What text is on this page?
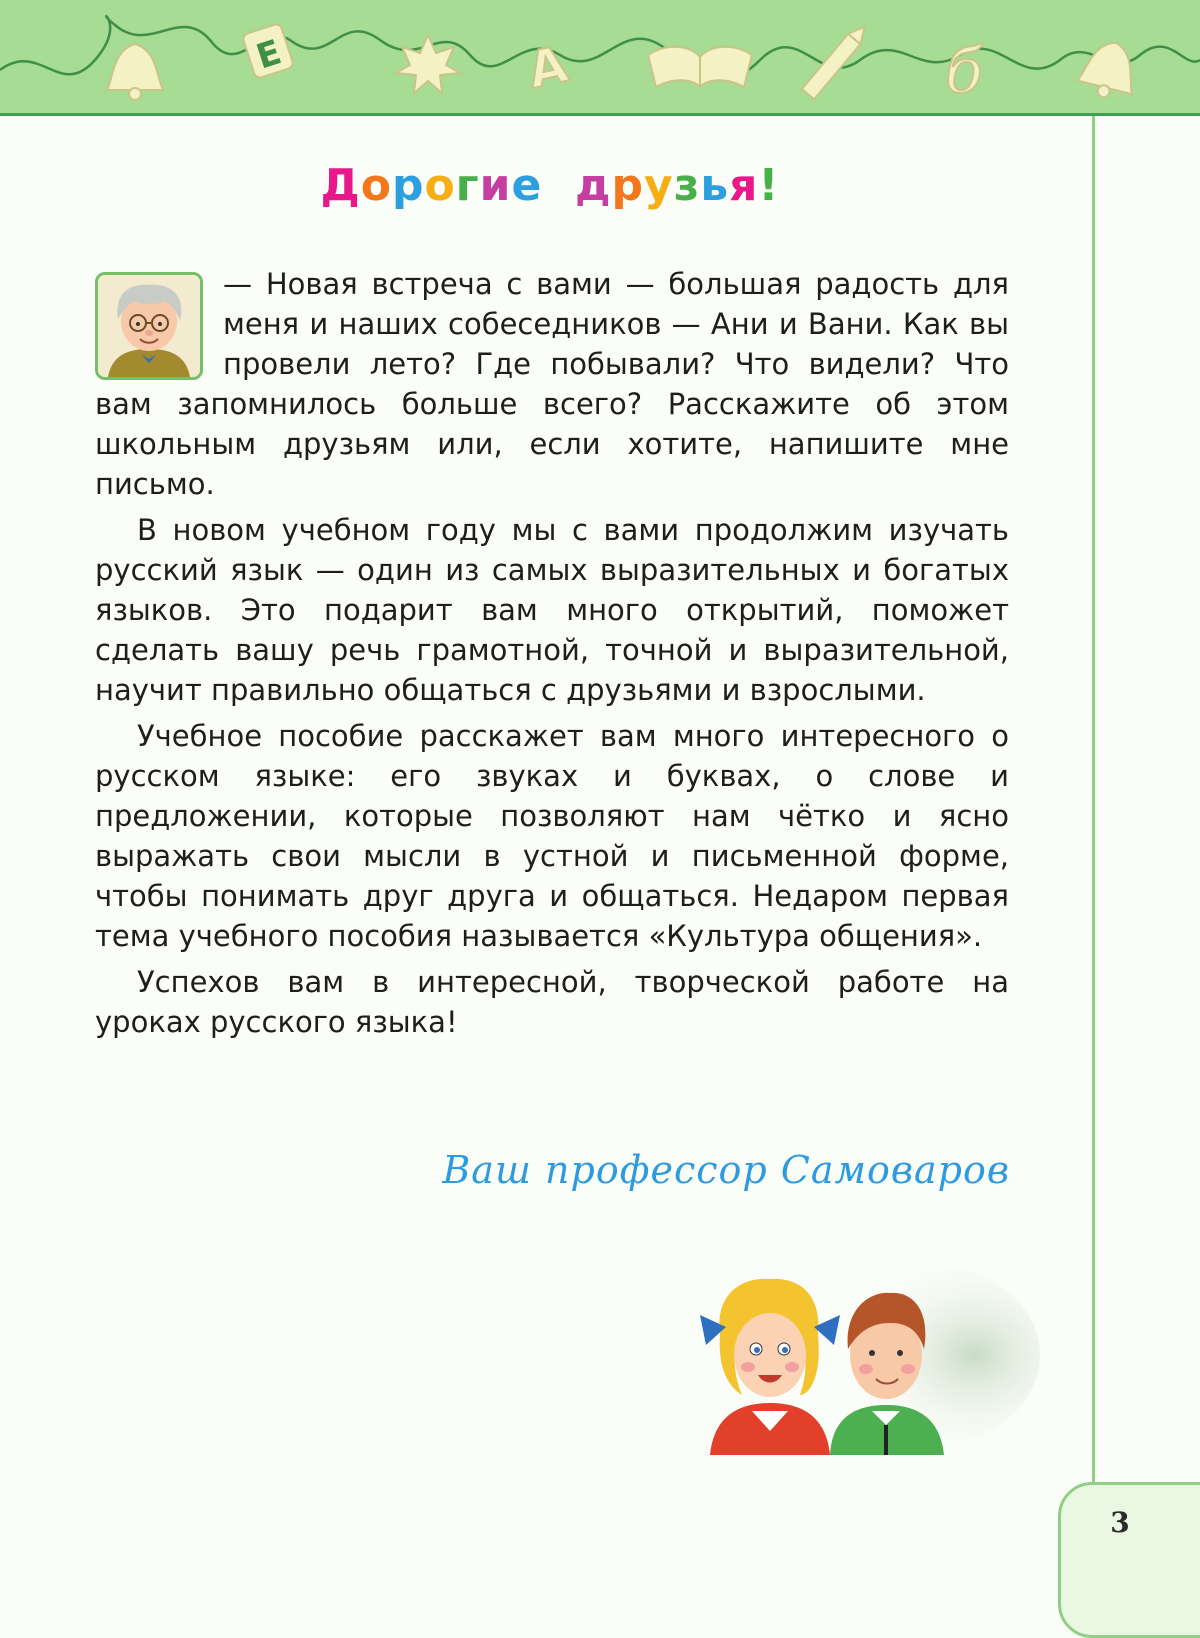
Е	A	б
Дорогие друзья!

— Новая встреча с вами — большая радость для меня и наших собеседников — Ани и Вани. Как вы провели лето? Где побывали? Что видели? Что вам запомнилось больше всего? Расскажите об этом школьным друзьям или, если хотите, напишите мне письмо.

В новом учебном году мы с вами продолжим изучать русский язык — один из самых выразительных и богатых языков. Это подарит вам много открытий, поможет сделать вашу речь грамотной, точной и выразительной, научит правильно общаться с друзьями и взрослыми.

Учебное пособие расскажет вам много интересного о русском языке: его звуках и буквах, о слове и предложении, которые позволяют нам чётко и ясно выражать свои мысли в устной и письменной форме, чтобы понимать друг друга и общаться. Недаром первая тема учебного пособия называется «Культура общения».

Успехов вам в интересной, творческой работе на уроках русского языка!

Ваш профессор Самоваров
3
